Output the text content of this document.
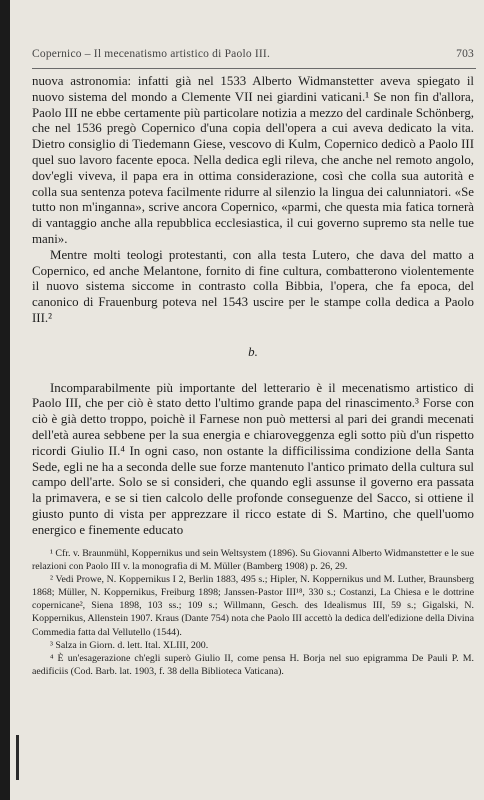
Copernico – Il mecenatismo artistico di Paolo III.	703

nuova astronomia: infatti già nel 1533 Alberto Widmanstetter aveva spiegato il nuovo sistema del mondo a Clemente VII nei giardini vaticani.¹ Se non fin d'allora, Paolo III ne ebbe certamente più particolare notizia a mezzo del cardinale Schönberg, che nel 1536 pregò Copernico d'una copia dell'opera a cui aveva dedicato la vita. Dietro consiglio di Tiedemann Giese, vescovo di Kulm, Copernico dedicò a Paolo III quel suo lavoro facente epoca. Nella dedica egli rileva, che anche nel remoto angolo, dov'egli viveva, il papa era in ottima considerazione, così che colla sua autorità e colla sua sentenza poteva facilmente ridurre al silenzio la lingua dei calunniatori. «Se tutto non m'inganna», scrive ancora Copernico, «parmi, che questa mia fatica tornerà di vantaggio anche alla repubblica ecclesiastica, il cui governo supremo sta nelle tue mani».

Mentre molti teologi protestanti, con alla testa Lutero, che dava del matto a Copernico, ed anche Melantone, fornito di fine cultura, combatterono violentemente il nuovo sistema siccome in contrasto colla Bibbia, l'opera, che fa epoca, del canonico di Frauenburg poteva nel 1543 uscire per le stampe colla dedica a Paolo III.²

b.

Incomparabilmente più importante del letterario è il mecenatismo artistico di Paolo III, che per ciò è stato detto l'ultimo grande papa del rinascimento.³ Forse con ciò è già detto troppo, poichè il Farnese non può mettersi al pari dei grandi mecenati dell'età aurea sebbene per la sua energia e chiaroveggenza egli sotto più d'un rispetto ricordi Giulio II.⁴ In ogni caso, non ostante la difficilissima condizione della Santa Sede, egli ne ha a seconda delle sue forze mantenuto l'antico primato della cultura sul campo dell'arte. Solo se si consideri, che quando egli assunse il governo era passata la primavera, e se si tien calcolo delle profonde conseguenze del Sacco, si ottiene il giusto punto di vista per apprezzare il ricco estate di S. Martino, che quell'uomo energico e finemente educato

¹ Cfr. v. Braunmühl, Koppernikus und sein Weltsystem (1896). Su Giovanni Alberto Widmanstetter e le sue relazioni con Paolo III v. la monografia di M. Müller (Bamberg 1908) p. 26, 29.

² Vedi Prowe, N. Koppernikus I 2, Berlin 1883, 495 s.; Hipler, N. Koppernikus und M. Luther, Braunsberg 1868; Müller, N. Koppernikus, Freiburg 1898; Janssen-Pastor III¹⁸, 330 s.; Costanzi, La Chiesa e le dottrine copernicane², Siena 1898, 103 ss.; 109 s.; Willmann, Gesch. des Idealismus III, 59 s.; Gigalski, N. Koppernikus, Allenstein 1907. Kraus (Dante 754) nota che Paolo III accettò la dedica dell'edizione della Divina Commedia fatta dal Vellutello (1544).

³ Salza in Giorn. d. lett. Ital. XLIII, 200.

⁴ È un'esagerazione ch'egli superò Giulio II, come pensa H. Borja nel suo epigramma De Pauli P. M. aedificiis (Cod. Barb. lat. 1903, f. 38 della Biblioteca Vaticana).
